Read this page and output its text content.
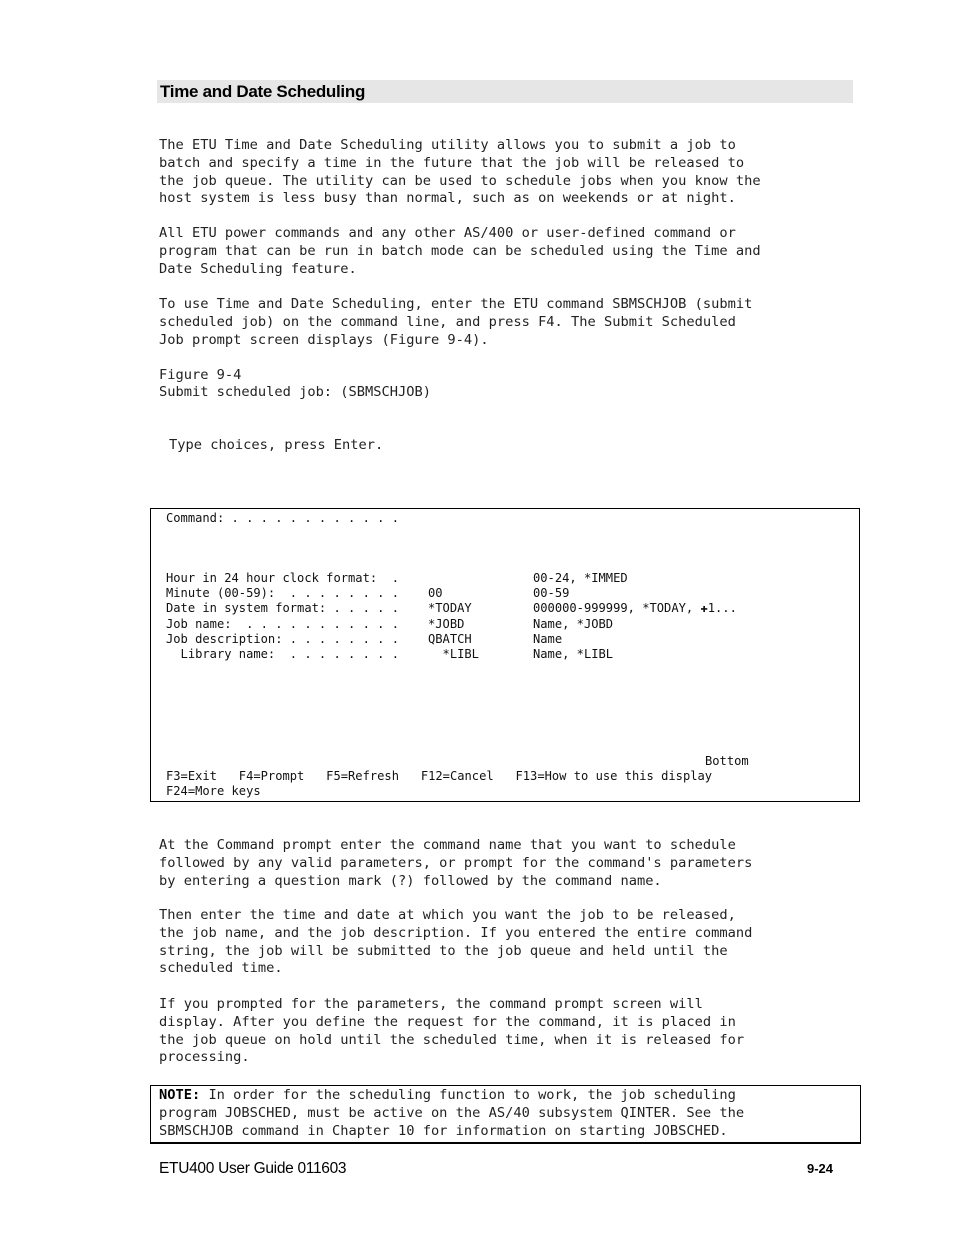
Time and Date Scheduling
The ETU Time and Date Scheduling utility allows you to submit a job to
batch and specify a time in the future that the job will be released to
the job queue. The utility can be used to schedule jobs when you know the
host system is less busy than normal, such as on weekends or at night.
All ETU power commands and any other AS/400 or user-defined command or
program that can be run in batch mode can be scheduled using the Time and
Date Scheduling feature.
To use Time and Date Scheduling, enter the ETU command SBMSCHJOB (submit
scheduled job) on the command line, and press F4. The Submit Scheduled
Job prompt screen displays (Figure 9-4).
Figure 9-4
Submit scheduled job: (SBMSCHJOB)
Type choices, press Enter.
Command: . . . . . . . . . . . .
Hour in 24 hour clock format:  .	00-24, *IMMED
Minute (00-59):  . . . . . . . . 00	00-59
Date in system format: . . . . . *TODAY	000000-999999, *TODAY, ✚1...
Job name:  . . . . . . . . . . . *JOBD	Name, *JOBD
Job description: . . . . . . . . QBATCH	Name
Library name:  . . . . . . . . *LIBL	Name, *LIBL
Bottom
F3=Exit   F4=Prompt   F5=Refresh   F12=Cancel   F13=How to use this display
F24=More keys
At the Command prompt enter the command name that you want to schedule
followed by any valid parameters, or prompt for the command's parameters
by entering a question mark (?) followed by the command name.
Then enter the time and date at which you want the job to be released,
the job name, and the job description. If you entered the entire command
string, the job will be submitted to the job queue and held until the
scheduled time.
If you prompted for the parameters, the command prompt screen will
display. After you define the request for the command, it is placed in
the job queue on hold until the scheduled time, when it is released for
processing.
NOTE: In order for the scheduling function to work, the job scheduling
program JOBSCHED, must be active on the AS/40 subsystem QINTER. See the
SBMSCHJOB command in Chapter 10 for information on starting JOBSCHED.
ETU400 User Guide 011603	9-24
